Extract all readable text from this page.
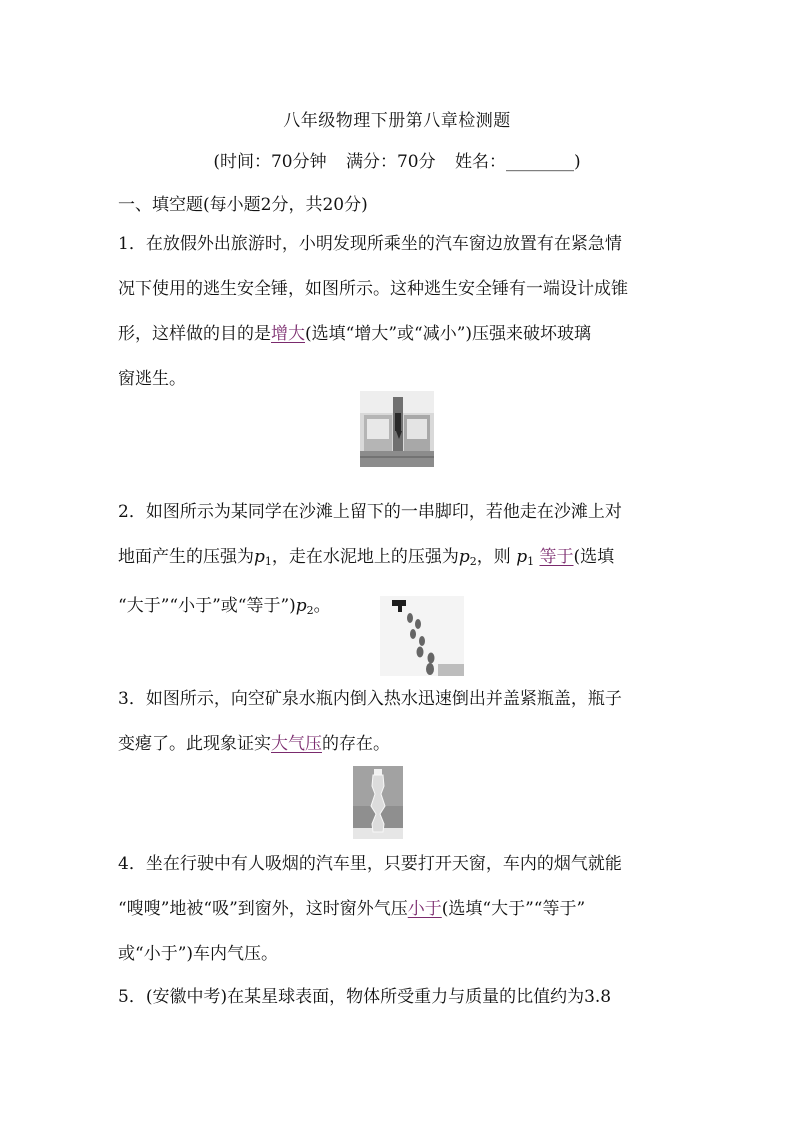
八年级物理下册第八章检测题
(时间：70分钟 满分：70分 姓名：________)
一、填空题(每小题2分，共20分)
1．在放假外出旅游时，小明发现所乘坐的汽车窗边放置有在紧急情
况下使用的逃生安全锤，如图所示。这种逃生安全锤有一端设计成锥
形，这样做的目的是增大(选填“增大”或“减小”)压强来破坏玻璃
窗逃生。
2．如图所示为某同学在沙滩上留下的一串脚印，若他走在沙滩上对
地面产生的压强为$p_1$，走在水泥地上的压强为$p_2$，则 $p_1$ 等于(选填
“大于”“小于”或“等于$”)p_2$。
3．如图所示，向空矿泉水瓶内倒入热水迅速倒出并盖紧瓶盖，瓶子
变瘪了。此现象证实大气压的存在。
4．坐在行驶中有人吸烟的汽车里，只要打开天窗，车内的烟气就能
“嗖嗖”地被“吸”到窗外，这时窗外气压小于(选填“大于”“等于”
或“小于”)车内气压。
5．(安徽中考)在某星球表面，物体所受重力与质量的比值约为3.8
